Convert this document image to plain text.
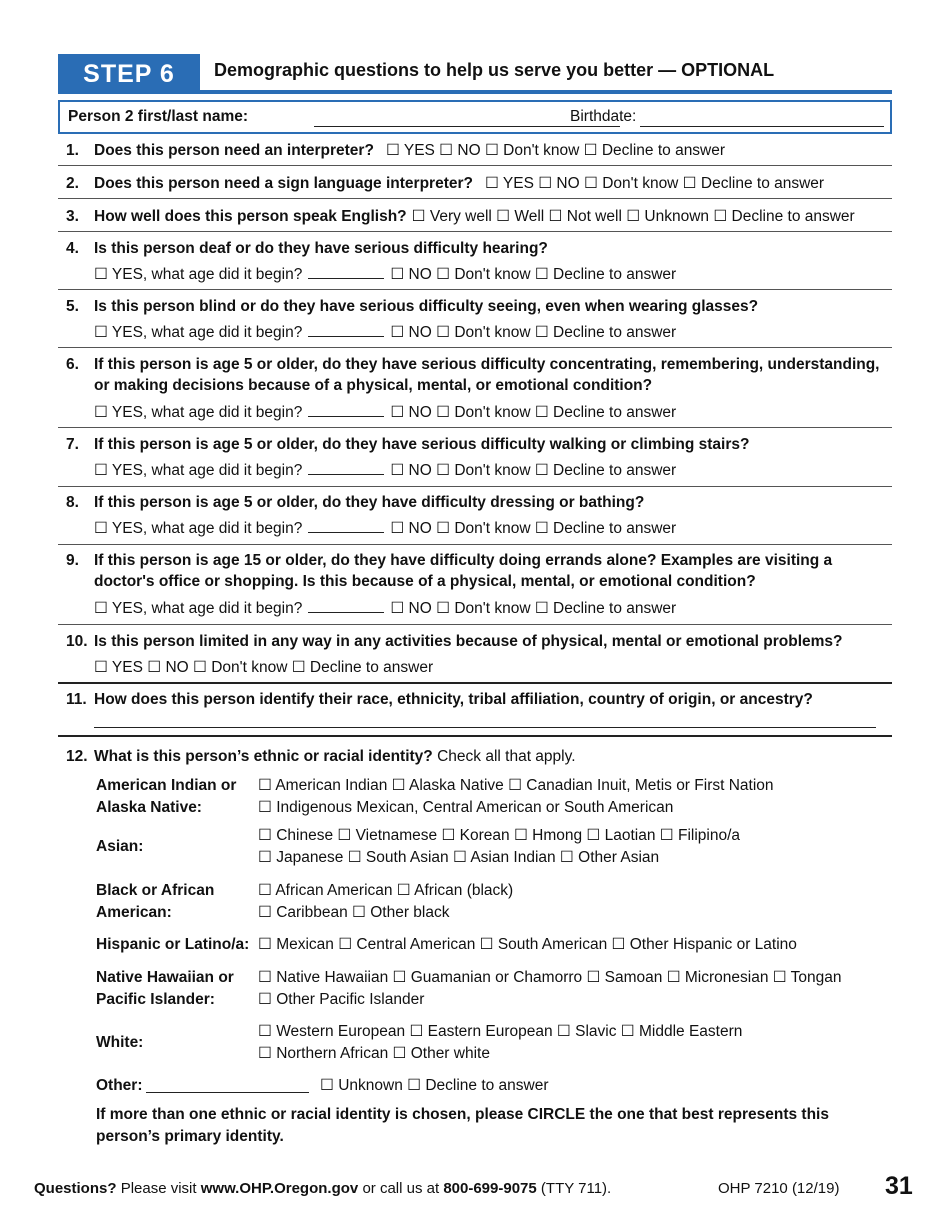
STEP 6	Demographic questions to help us serve you better — OPTIONAL
Person 2 first/last name:	Birthdate:
1. Does this person need an interpreter? ☐ YES ☐ NO ☐ Don't know ☐ Decline to answer
2. Does this person need a sign language interpreter? ☐ YES ☐ NO ☐ Don't know ☐ Decline to answer
3. How well does this person speak English? ☐ Very well ☐ Well ☐ Not well ☐ Unknown ☐ Decline to answer
4. Is this person deaf or do they have serious difficulty hearing?
☐ YES, what age did it begin?	☐ NO ☐ Don't know ☐ Decline to answer
5. Is this person blind or do they have serious difficulty seeing, even when wearing glasses?
☐ YES, what age did it begin?	☐ NO ☐ Don't know ☐ Decline to answer
6. If this person is age 5 or older, do they have serious difficulty concentrating, remembering, understanding, or making decisions because of a physical, mental, or emotional condition?
☐ YES, what age did it begin?	☐ NO ☐ Don't know ☐ Decline to answer
7. If this person is age 5 or older, do they have serious difficulty walking or climbing stairs?
☐ YES, what age did it begin?	☐ NO ☐ Don't know ☐ Decline to answer
8. If this person is age 5 or older, do they have difficulty dressing or bathing?
☐ YES, what age did it begin?	☐ NO ☐ Don't know ☐ Decline to answer
9. If this person is age 15 or older, do they have difficulty doing errands alone? Examples are visiting a doctor's office or shopping. Is this because of a physical, mental, or emotional condition?
☐ YES, what age did it begin?	☐ NO ☐ Don't know ☐ Decline to answer
10. Is this person limited in any way in any activities because of physical, mental or emotional problems?
☐ YES ☐ NO ☐ Don't know ☐ Decline to answer
11. How does this person identify their race, ethnicity, tribal affiliation, country of origin, or ancestry?
12. What is this person’s ethnic or racial identity? Check all that apply.
American Indian or Alaska Native:
☐ American Indian ☐ Alaska Native ☐ Canadian Inuit, Metis or First Nation
☐ Indigenous Mexican, Central American or South American
Asian:
☐ Chinese ☐ Vietnamese ☐ Korean ☐ Hmong ☐ Laotian ☐ Filipino/a
☐ Japanese ☐ South Asian ☐ Asian Indian ☐ Other Asian
Black or African American:
☐ African American ☐ African (black)
☐ Caribbean ☐ Other black
Hispanic or Latino/a: ☐ Mexican ☐ Central American ☐ South American ☐ Other Hispanic or Latino
Native Hawaiian or Pacific Islander:
☐ Native Hawaiian ☐ Guamanian or Chamorro ☐ Samoan ☐ Micronesian ☐ Tongan
☐ Other Pacific Islander
White:
☐ Western European ☐ Eastern European ☐ Slavic ☐ Middle Eastern
☐ Northern African ☐ Other white
Other:	☐ Unknown ☐ Decline to answer
If more than one ethnic or racial identity is chosen, please CIRCLE the one that best represents this person’s primary identity.
Questions? Please visit www.OHP.Oregon.gov or call us at 800-699-9075 (TTY 711).	OHP 7210 (12/19) 31
